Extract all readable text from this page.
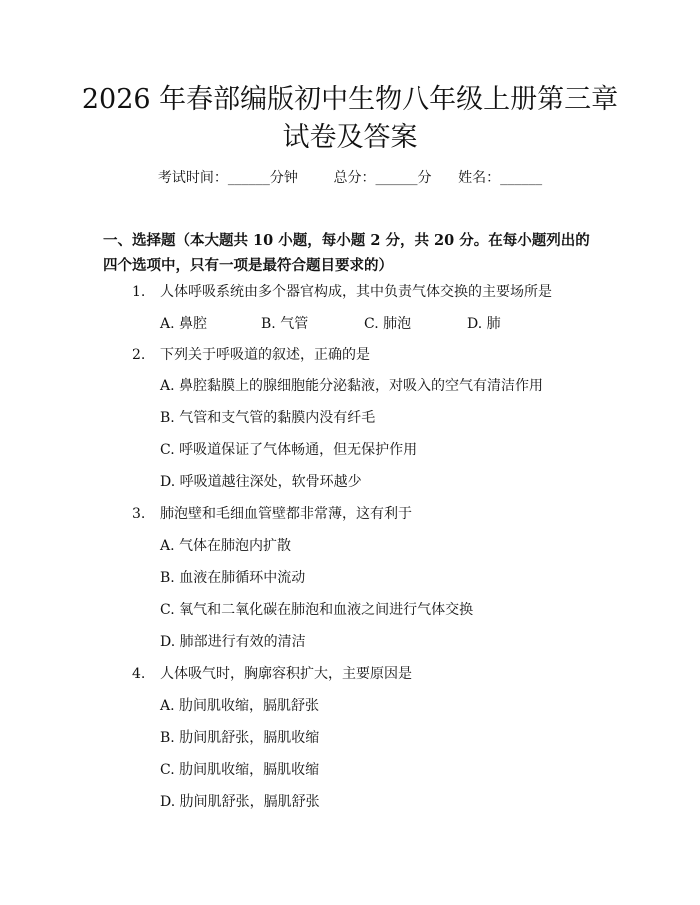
2026 年春部编版初中生物八年级上册第三章
试卷及答案
考试时间：______分钟	总分：______分 姓名：______
一、选择题（本大题共 10 小题，每小题 2 分，共 20 分。在每小题列出的四个选项中，只有一项是最符合题目要求的）
1. 人体呼吸系统由多个器官构成，其中负责气体交换的主要场所是
A. 鼻腔	B. 气管	C. 肺泡	D. 肺
2. 下列关于呼吸道的叙述，正确的是
A. 鼻腔黏膜上的腺细胞能分泌黏液，对吸入的空气有清洁作用
B. 气管和支气管的黏膜内没有纤毛
C. 呼吸道保证了气体畅通，但无保护作用
D. 呼吸道越往深处，软骨环越少
3. 肺泡壁和毛细血管壁都非常薄，这有利于
A. 气体在肺泡内扩散
B. 血液在肺循环中流动
C. 氧气和二氧化碳在肺泡和血液之间进行气体交换
D. 肺部进行有效的清洁
4. 人体吸气时，胸廓容积扩大，主要原因是
A. 肋间肌收缩，膈肌舒张
B. 肋间肌舒张，膈肌收缩
C. 肋间肌收缩，膈肌收缩
D. 肋间肌舒张，膈肌舒张
